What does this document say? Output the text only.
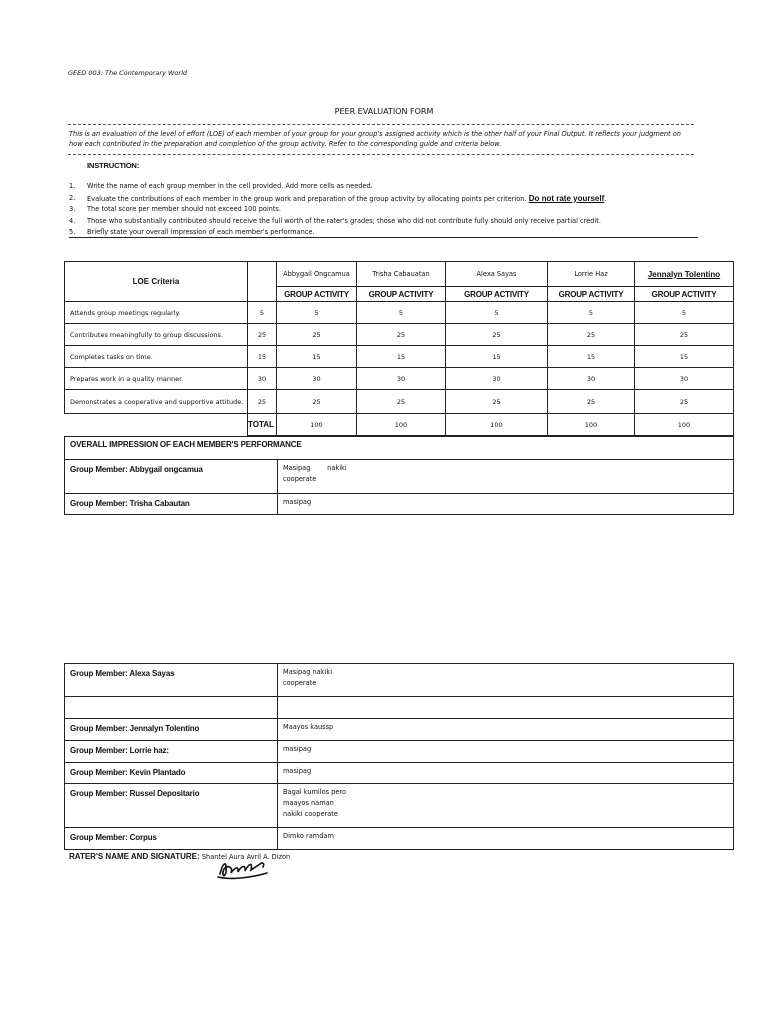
GEED 003: The Contemporary World
PEER EVALUATION FORM
This is an evaluation of the level of effort (LOE) of each member of your group for your group's assigned activity which is the other half of your Final Output. It reflects your judgment on how each contributed in the preparation and completion of the group activity. Refer to the corresponding guide and criteria below.
INSTRUCTION:
1.	Write the name of each group member in the cell provided. Add more cells as needed.
2.	Evaluate the contributions of each member in the group work and preparation of the group activity by allocating points per criterion. Do not rate yourself.
3.	The total score per member should not exceed 100 points.
4.	Those who substantially contributed should receive the full worth of the rater's grades; those who did not contribute fully should only receive partial credit.
5.	Briefly state your overall impression of each member's performance.
LOE Criteria		Abbygail Ongcamua	Trisha Cabauatan	Alexa Sayas	Lorrie Haz	Jennalyn Tolentino
		GROUP ACTIVITY	GROUP ACTIVITY	GROUP ACTIVITY	GROUP ACTIVITY	GROUP ACTIVITY
Attends group meetings regularly.	5	5	5	5	5	5
Contributes meaningfully to group discussions.	25	25	25	25	25	25
Completes tasks on time.	15	15	15	15	15	15
Prepares work in a quality manner.	30	30	30	30	30	30
Demonstrates a cooperative and supportive attitude.	25	25	25	25	25	25
	TOTAL	100	100	100	100	100
OVERALL IMPRESSION OF EACH MEMBER'S PERFORMANCE	
Group Member: Abbygail ongcamua	Masipag        nakiki
cooperate

Group Member: Trisha Cabautan	masipag
Group Member: Alexa Sayas	Masipag nakiki
cooperate

Group Member: Jennalyn Tolentino	Maayos kaussp

Group Member: Lorrie haz:	masipag

Group Member: Kevin Plantado	masipag

Group Member: Russel Depositario	Bagal kumilos pero
maayos naman
nakiki cooperate

Group Member: Corpus	Dimko ramdam
RATER'S NAME AND SIGNATURE: Shantel Aura Avril A. Dizon
